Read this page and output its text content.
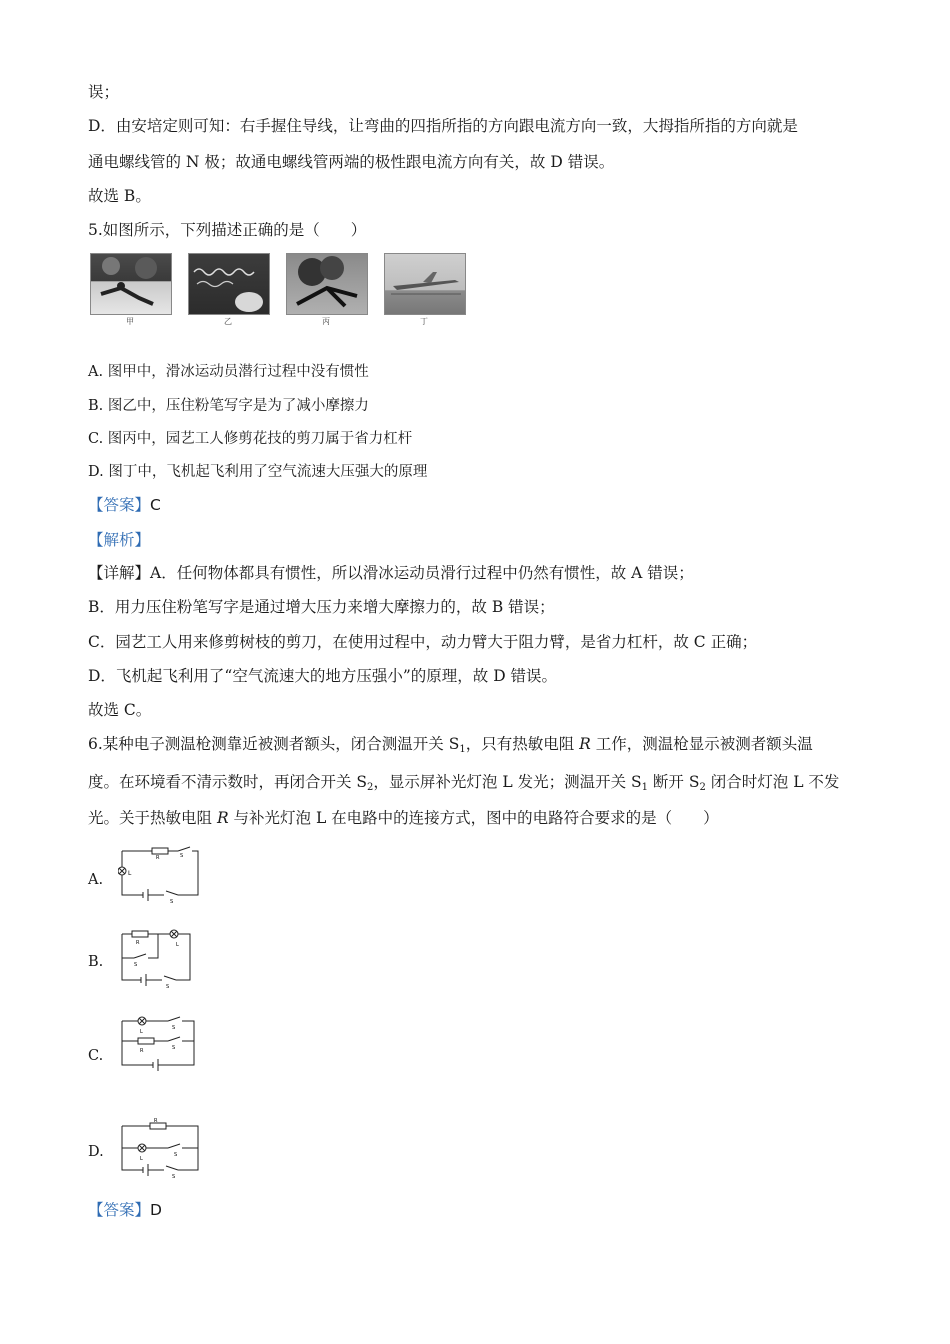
误；
D．由安培定则可知：右手握住导线，让弯曲的四指所指的方向跟电流方向一致，大拇指所指的方向就是
通电螺线管的 N 极；故通电螺线管两端的极性跟电流方向有关，故 D 错误。
故选 B。
5.如图所示，下列描述正确的是（　　）
甲	乙	丙	丁
A. 图甲中，滑冰运动员潜行过程中没有惯性
B. 图乙中，压住粉笔写字是为了减小摩擦力
C. 图丙中，园艺工人修剪花技的剪刀属于省力杠杆
D. 图丁中，飞机起飞利用了空气流速大压强大的原理
【答案】C
【解析】
【详解】A．任何物体都具有惯性，所以滑冰运动员滑行过程中仍然有惯性，故 A 错误；
B．用力压住粉笔写字是通过增大压力来增大摩擦力的，故 B 错误；
C．园艺工人用来修剪树枝的剪刀，在使用过程中，动力臂大于阻力臂，是省力杠杆，故 C 正确；
D．飞机起飞利用了“空气流速大的地方压强小”的原理，故 D 错误。
故选 C。
6.某种电子测温枪测靠近被测者额头，闭合测温开关 $S_1$，只有热敏电阻 R 工作，测温枪显示被测者额头温
度。在环境看不清示数时，再闭合开关 $S_2$，显示屏补光灯泡 L 发光；测温开关 $S_1$ 断开 $S_2$ 闭合时灯泡 L 不发
光。关于热敏电阻 R 与补光灯泡 L 在电路中的连接方式，图中的电路符合要求的是（　　）
A.
B.
C.
D.
L
R	S
S
R	L
S
S
L
R
S
S
R
L
S
S
【答案】D
